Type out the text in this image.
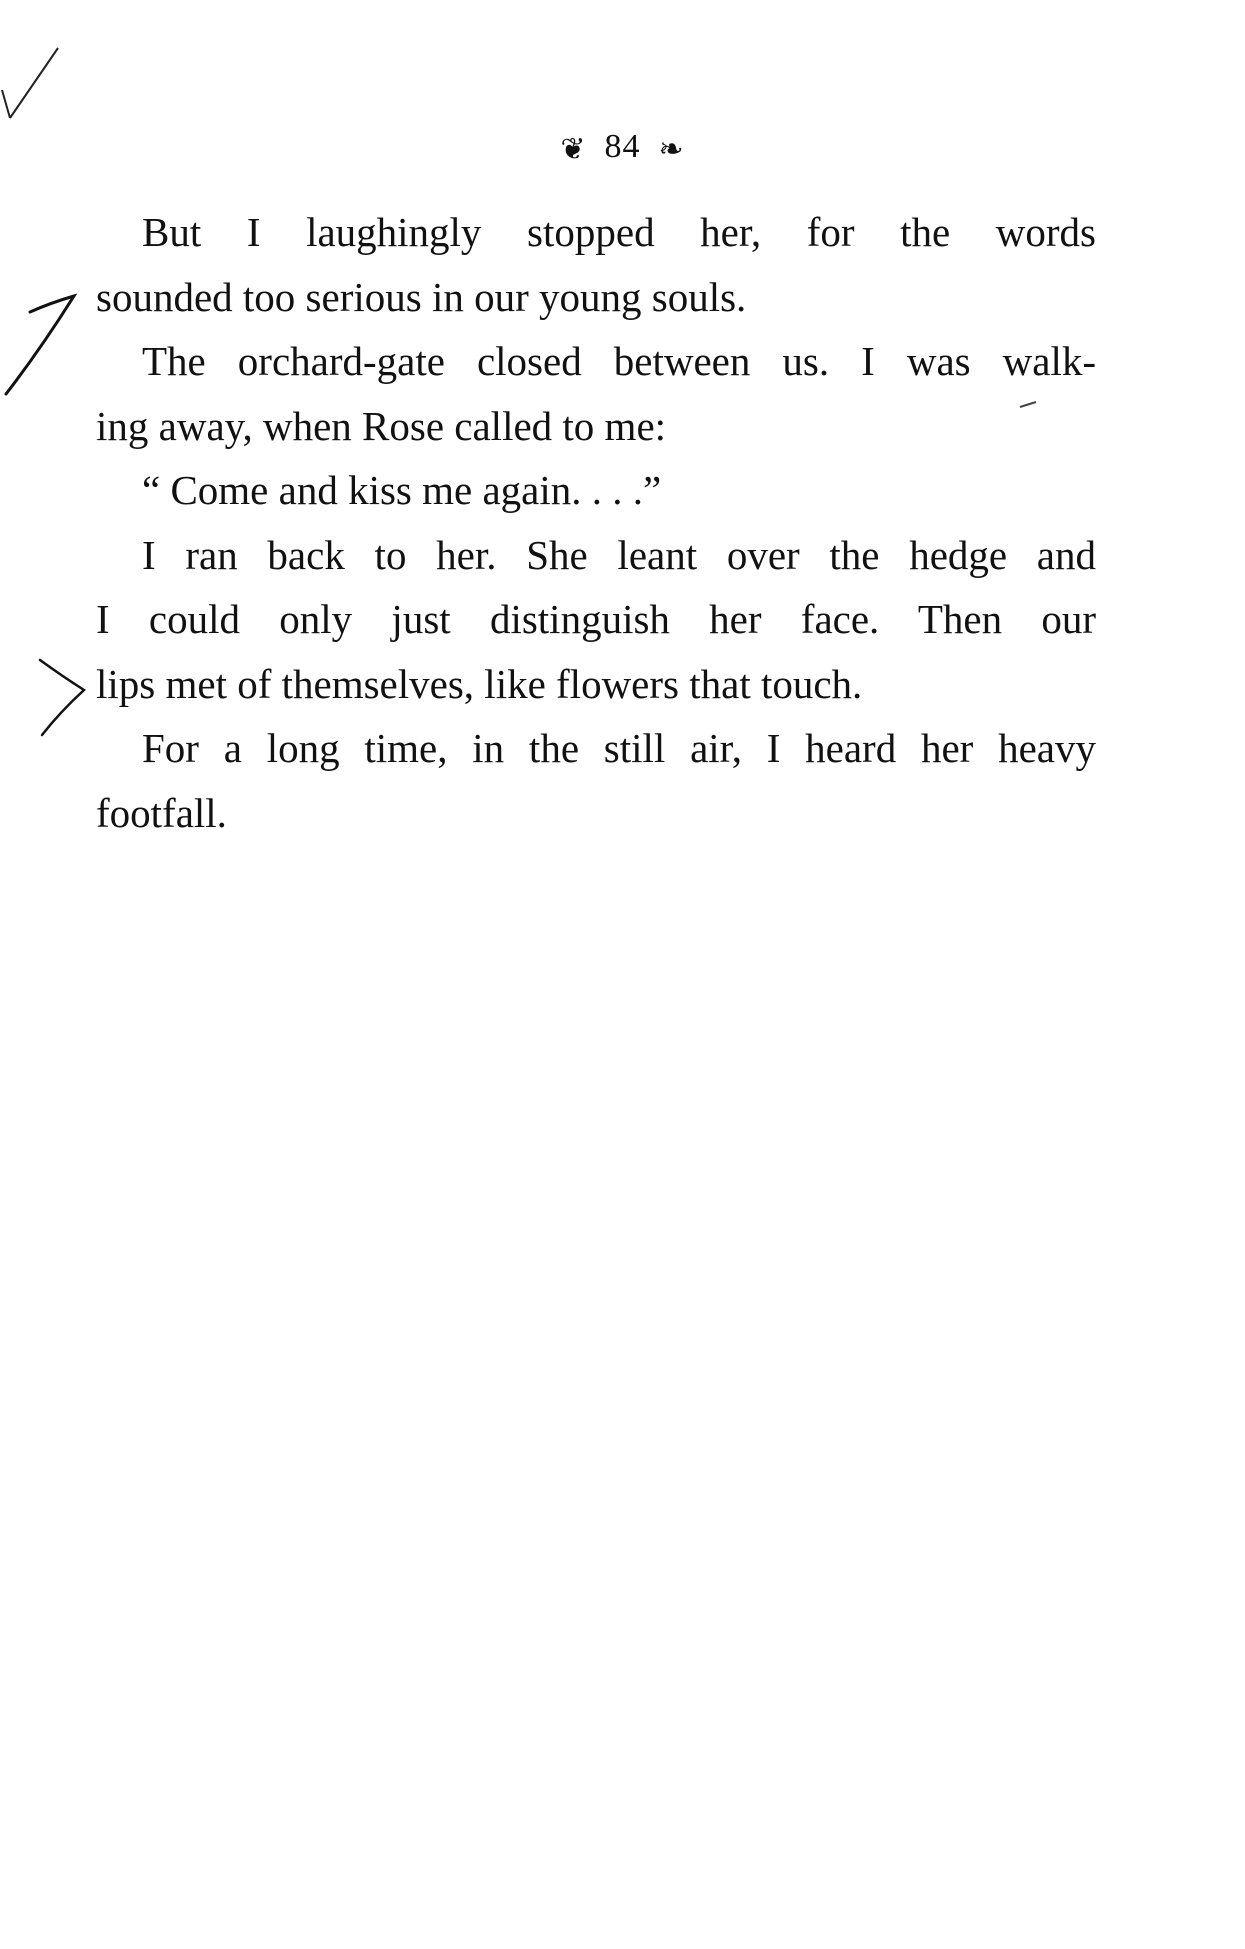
❦ 84 ❧
But I laughingly stopped her, for the words
sounded too serious in our young souls.
The orchard-gate closed between us. I was walk-
ing away, when Rose called to me:
“ Come and kiss me again. . . .”
I ran back to her. She leant over the hedge and
I could only just distinguish her face. Then our
lips met of themselves, like flowers that touch.
For a long time, in the still air, I heard her heavy
footfall.
